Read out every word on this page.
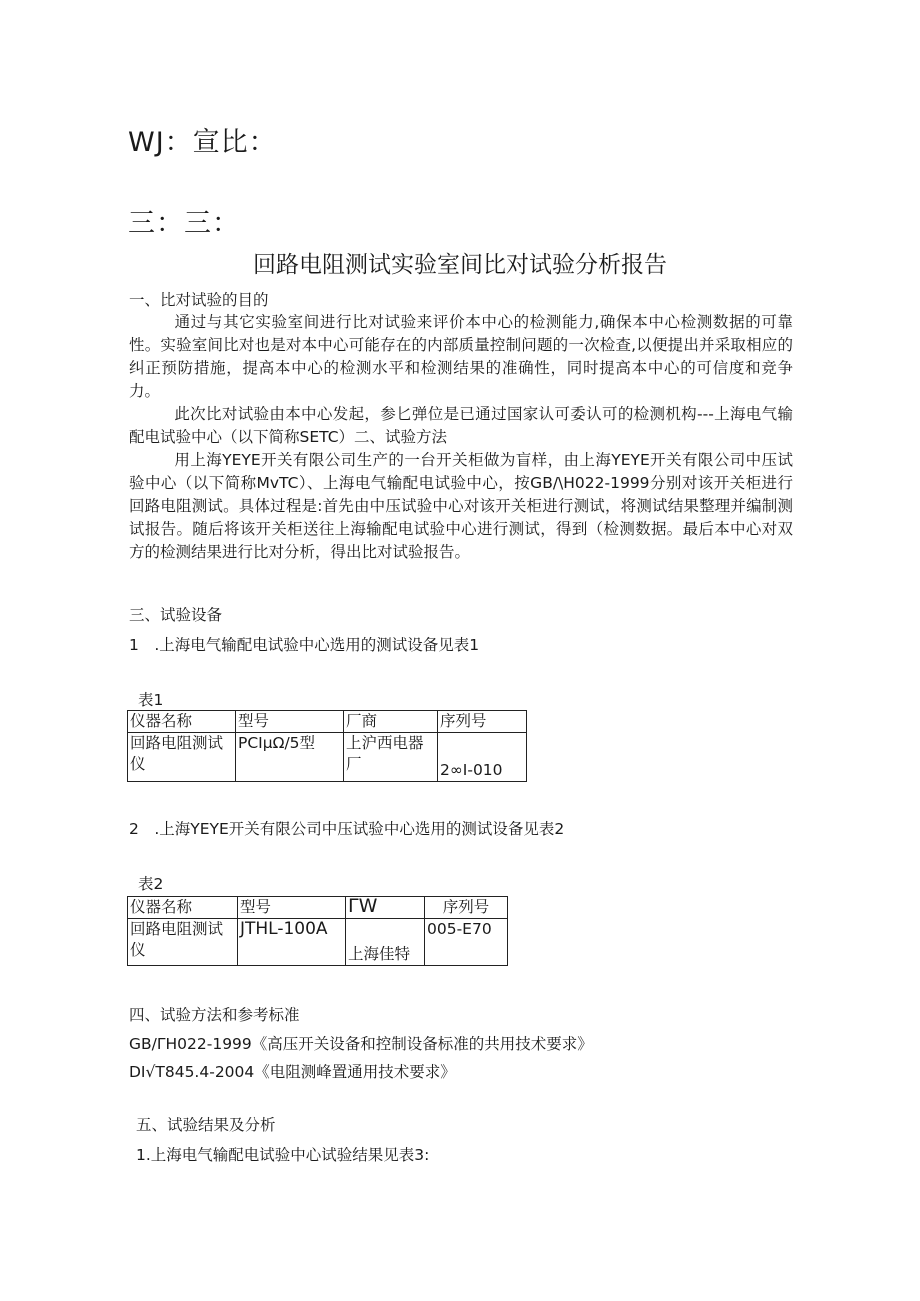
WJ：宣比：
三：三：
回路电阻测试实验室间比对试验分析报告
一、比对试验的目的
通过与其它实验室间进行比对试验来评价本中心的检测能力,确保本中心检测数据的可靠性。实验室间比对也是对本中心可能存在的内部质量控制问题的一次检查,以便提出并采取相应的纠正预防措施，提高本中心的检测水平和检测结果的准确性，同时提高本中心的可信度和竞争力。
此次比对试验由本中心发起，参匕弹位是已通过国家认可委认可的检测机构---上海电气输配电试验中心（以下简称SETC）二、试验方法
用上海YEYE开关有限公司生产的一台开关柜做为盲样，由上海YEYE开关有限公司中压试验中心（以下简称MvTC）、上海电气输配电试验中心，按GB/\H022-1999分别对该开关柜进行回路电阻测试。具体过程是:首先由中压试验中心对该开关柜进行测试，将测试结果整理并编制测试报告。随后将该开关柜送往上海输配电试验中心进行测试，得到（检测数据。最后本中心对双方的检测结果进行比对分析，得出比对试验报告。
三、试验设备
1　.上海电气输配电试验中心选用的测试设备见表1
表1
仪器名称	型号	厂商	序列号
回路电阻测试仪	PCIμΩ/5型	上沪西电器厂	2∞I-010
2　.上海YEYE开关有限公司中压试验中心选用的测试设备见表2
表2
仪器名称	型号	ΓW	序列号
回路电阻测试仪	JTHL-100A	上海佳特	005-E70
四、试验方法和参考标准
GB/ΓH022-1999《高压开关设备和控制设备标准的共用技术要求》
DI√T845.4-2004《电阻测峰置通用技术要求》
五、试验结果及分析
1.上海电气输配电试验中心试验结果见表3:
